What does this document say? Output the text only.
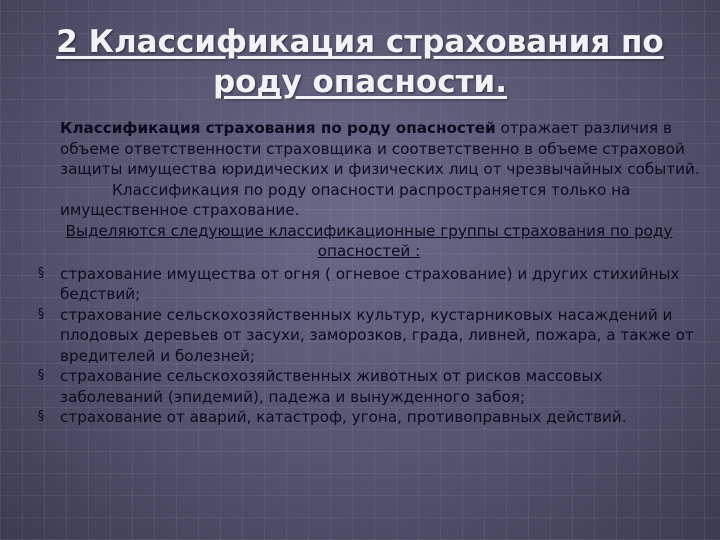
2 Классификация страхования по роду опасности.

Классификация страхования по роду опасностей отражает различия в объеме ответственности страховщика и соответственно в объеме страховой защиты имущества юридических и физических лиц от чрезвычайных событий.

Классификация по роду опасности распространяется только на имущественное страхование.

Выделяются следующие классификационные группы страхования по роду опасностей :

§ страхование имущества от огня ( огневое страхование) и других стихийных бедствий;
§ страхование сельскохозяйственных культур, кустарниковых насаждений и плодовых деревьев от засухи, заморозков, града, ливней, пожара, а также от вредителей и болезней;
§ страхование сельскохозяйственных животных от рисков массовых заболеваний (эпидемий), падежа и вынужденного забоя;
§ страхование от аварий, катастроф, угона, противоправных действий.
